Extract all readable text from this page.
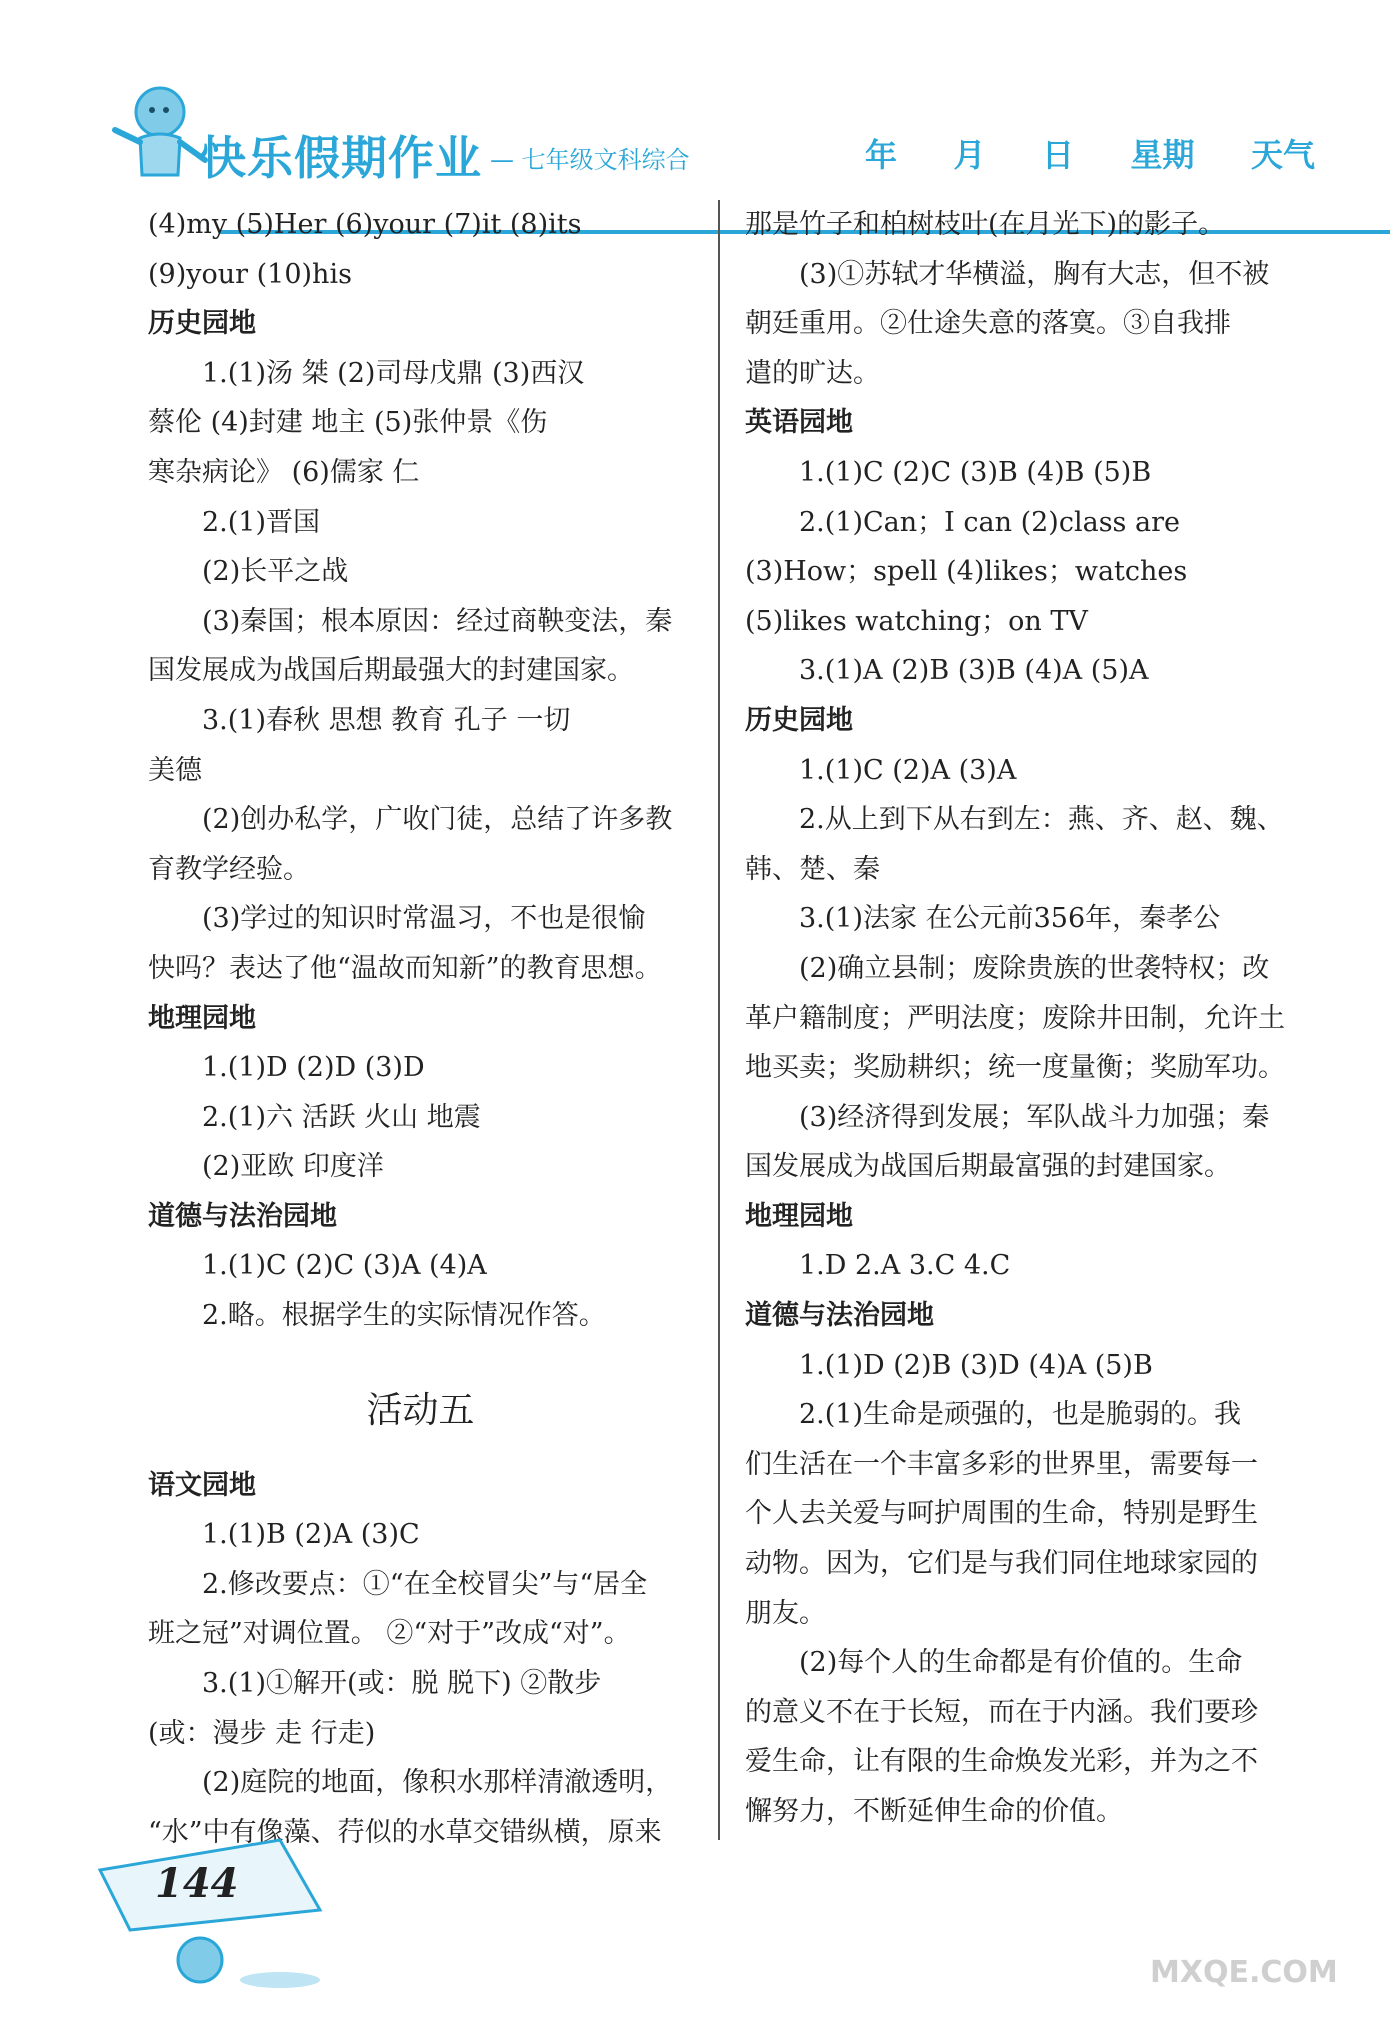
快乐假期作业 — 七年级文科综合	年 月 日 星期 天气
(4)my (5)Her (6)your (7)it (8)its
(9)your (10)his
历史园地
1.(1)汤 桀 (2)司母戊鼎 (3)西汉
蔡伦 (4)封建 地主 (5)张仲景《伤
寒杂病论》 (6)儒家 仁
2.(1)晋国
(2)长平之战
(3)秦国；根本原因：经过商鞅变法，秦
国发展成为战国后期最强大的封建国家。
3.(1)春秋 思想 教育 孔子 一切
美德
(2)创办私学，广收门徒，总结了许多教
育教学经验。
(3)学过的知识时常温习，不也是很愉
快吗？表达了他“温故而知新”的教育思想。
地理园地
1.(1)D (2)D (3)D
2.(1)六 活跃 火山 地震
(2)亚欧 印度洋
道德与法治园地
1.(1)C (2)C (3)A (4)A
2.略。根据学生的实际情况作答。
活动五
语文园地
1.(1)B (2)A (3)C
2.修改要点：①“在全校冒尖”与“居全
班之冠”对调位置。 ②“对于”改成“对”。
3.(1)①解开(或：脱 脱下) ②散步
(或：漫步 走 行走)
(2)庭院的地面，像积水那样清澈透明，
“水”中有像藻、荇似的水草交错纵横，原来
那是竹子和柏树枝叶(在月光下)的影子。
(3)①苏轼才华横溢，胸有大志，但不被
朝廷重用。②仕途失意的落寞。③自我排
遣的旷达。
英语园地
1.(1)C (2)C (3)B (4)B (5)B
2.(1)Can；I can (2)class are
(3)How；spell (4)likes；watches
(5)likes watching；on TV
3.(1)A (2)B (3)B (4)A (5)A
历史园地
1.(1)C (2)A (3)A
2.从上到下从右到左：燕、齐、赵、魏、
韩、楚、秦
3.(1)法家 在公元前356年，秦孝公
(2)确立县制；废除贵族的世袭特权；改
革户籍制度；严明法度；废除井田制，允许土
地买卖；奖励耕织；统一度量衡；奖励军功。
(3)经济得到发展；军队战斗力加强；秦
国发展成为战国后期最富强的封建国家。
地理园地
1.D 2.A 3.C 4.C
道德与法治园地
1.(1)D (2)B (3)D (4)A (5)B
2.(1)生命是顽强的，也是脆弱的。我
们生活在一个丰富多彩的世界里，需要每一
个人去关爱与呵护周围的生命，特别是野生
动物。因为，它们是与我们同住地球家园的
朋友。
(2)每个人的生命都是有价值的。生命
的意义不在于长短，而在于内涵。我们要珍
爱生命，让有限的生命焕发光彩，并为之不
懈努力，不断延伸生命的价值。
144
MXQE.COM
